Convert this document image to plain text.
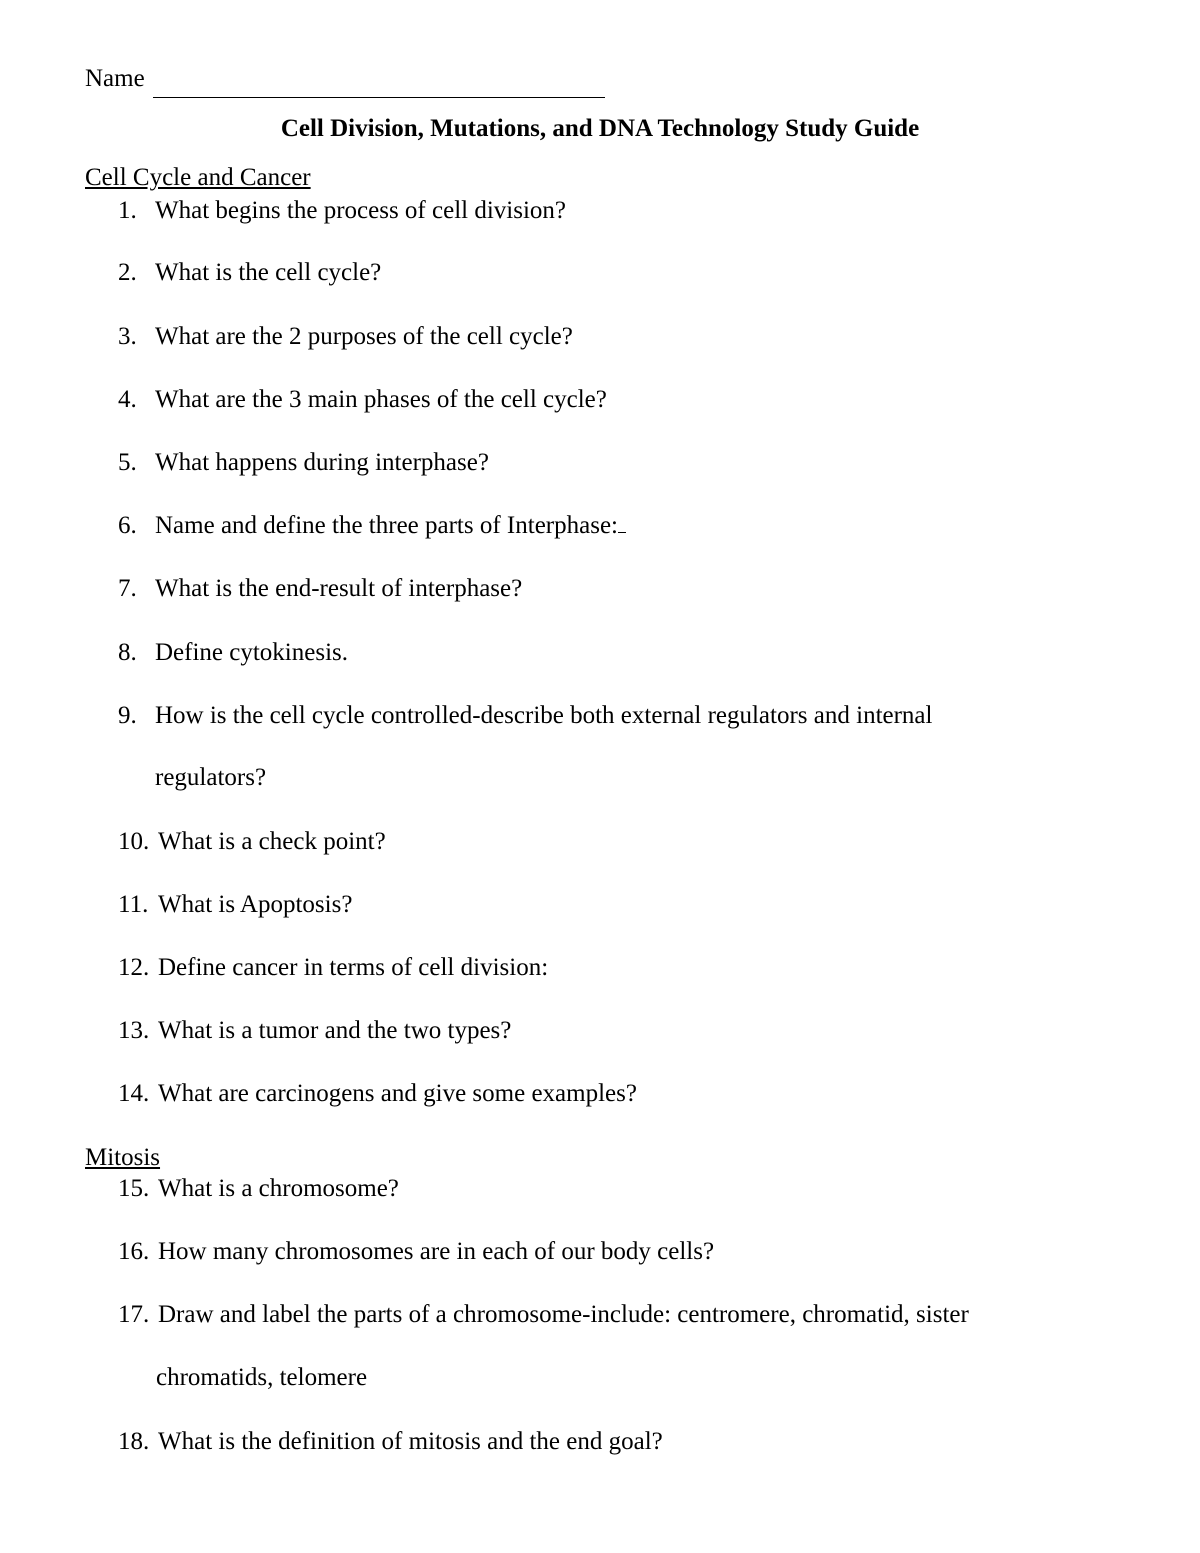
Name
Cell Division, Mutations, and DNA Technology Study Guide
Cell Cycle and Cancer
1. What begins the process of cell division?
2. What is the cell cycle?
3. What are the 2 purposes of the cell cycle?
4. What are the 3 main phases of the cell cycle?
5. What happens during interphase?
6. Name and define the three parts of Interphase:
7. What is the end-result of interphase?
8. Define cytokinesis.
9. How is the cell cycle controlled-describe both external regulators and internal
regulators?
10. What is a check point?
11. What is Apoptosis?
12. Define cancer in terms of cell division:
13. What is a tumor and the two types?
14. What are carcinogens and give some examples?
Mitosis
15. What is a chromosome?
16. How many chromosomes are in each of our body cells?
17. Draw and label the parts of a chromosome-include: centromere, chromatid, sister
chromatids, telomere
18. What is the definition of mitosis and the end goal?
